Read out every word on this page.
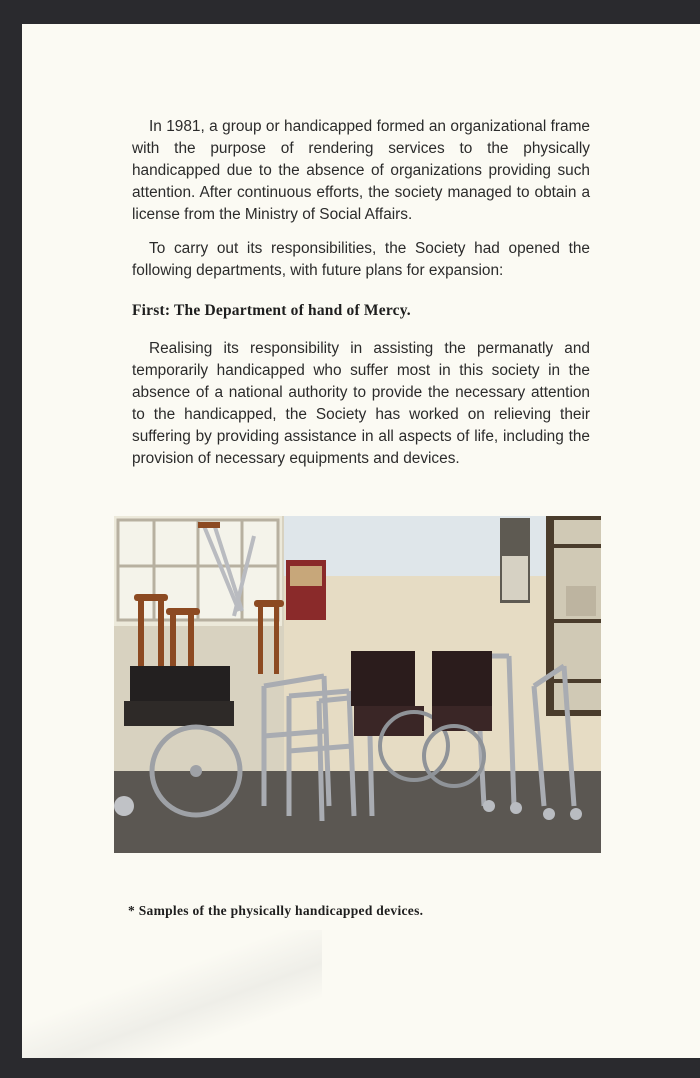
In 1981, a group or handicapped formed an organizational frame with the purpose of rendering services to the physically handicapped due to the absence of organizations providing such attention. After continuous efforts, the society managed to obtain a license from the Ministry of Social Affairs.

To carry out its responsibilities, the Society had opened the following departments, with future plans for expansion:

First: The Department of hand of Mercy.

Realising its responsibility in assisting the permanatly and temporarily handicapped who suffer most in this society in the absence of a national authority to provide the necessary attention to the handicapped, the Society has worked on relieving their suffering by providing assistance in all aspects of life, including the provision of necessary equipments and devices.

* Samples of the physically handicapped devices.
